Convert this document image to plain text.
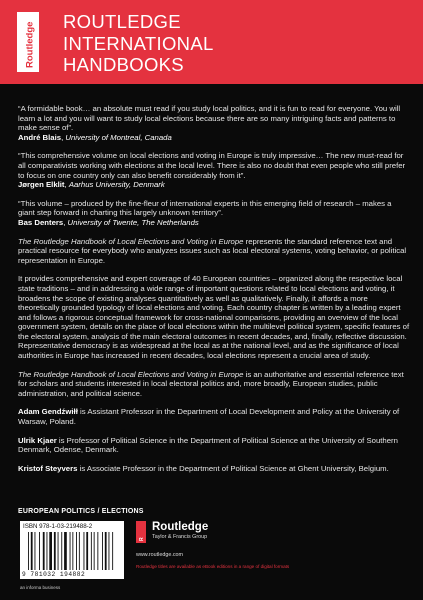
Routledge
ROUTLEDGE
INTERNATIONAL
HANDBOOKS

“A formidable book… an absolute must read if you study local politics, and it is fun to read for everyone. You will learn a lot and you will want to study local elections because there are so many intriguing facts and patterns to make sense of”.
André Blais, University of Montreal, Canada

“This comprehensive volume on local elections and voting in Europe is truly impressive… The new must-read for all comparativists working with elections at the local level. There is also no doubt that even people who still prefer to focus on one country only can also benefit considerably from it”.
Jørgen Elklit, Aarhus University, Denmark

“This volume – produced by the fine-fleur of international experts in this emerging field of research – makes a giant step forward in charting this largely unknown territory”.
Bas Denters, University of Twente, The Netherlands

The Routledge Handbook of Local Elections and Voting in Europe represents the standard reference text and practical resource for everybody who analyzes issues such as local electoral systems, voting behavior, or political representation in Europe.

It provides comprehensive and expert coverage of 40 European countries – organized along the respective local state traditions – and in addressing a wide range of important questions related to local elections and voting, it broadens the scope of existing analyses quantitatively as well as qualitatively. Finally, it affords a more theoretically grounded typology of local elections and voting. Each country chapter is written by a leading expert and follows a rigorous conceptual framework for cross-national comparisons, providing an overview of the local government system, details on the place of local elections within the multilevel political system, specific features of the electoral system, analysis of the main electoral outcomes in recent decades, and, finally, reflective discussion. Representative democracy is as widespread at the local as at the national level, and as the significance of local authorities in Europe has increased in recent decades, local elections represent a crucial area of study.

The Routledge Handbook of Local Elections and Voting in Europe is an authoritative and essential reference text for scholars and students interested in local electoral politics and, more broadly, European studies, public administration, and political science.

Adam Gendźwiłł is Assistant Professor in the Department of Local Development and Policy at the University of Warsaw, Poland.

Ulrik Kjaer is Professor of Political Science in the Department of Political Science at the University of Southern Denmark, Odense, Denmark.

Kristof Steyvers is Associate Professor in the Department of Political Science at Ghent University, Belgium.

EUROPEAN POLITICS / ELECTIONS
ISBN 978-1-03-219488-2
9 781032 194882
an informa business
R
Routledge
Taylor & Francis Group
www.routledge.com
Routledge titles are available as eBook editions in a range of digital formats
